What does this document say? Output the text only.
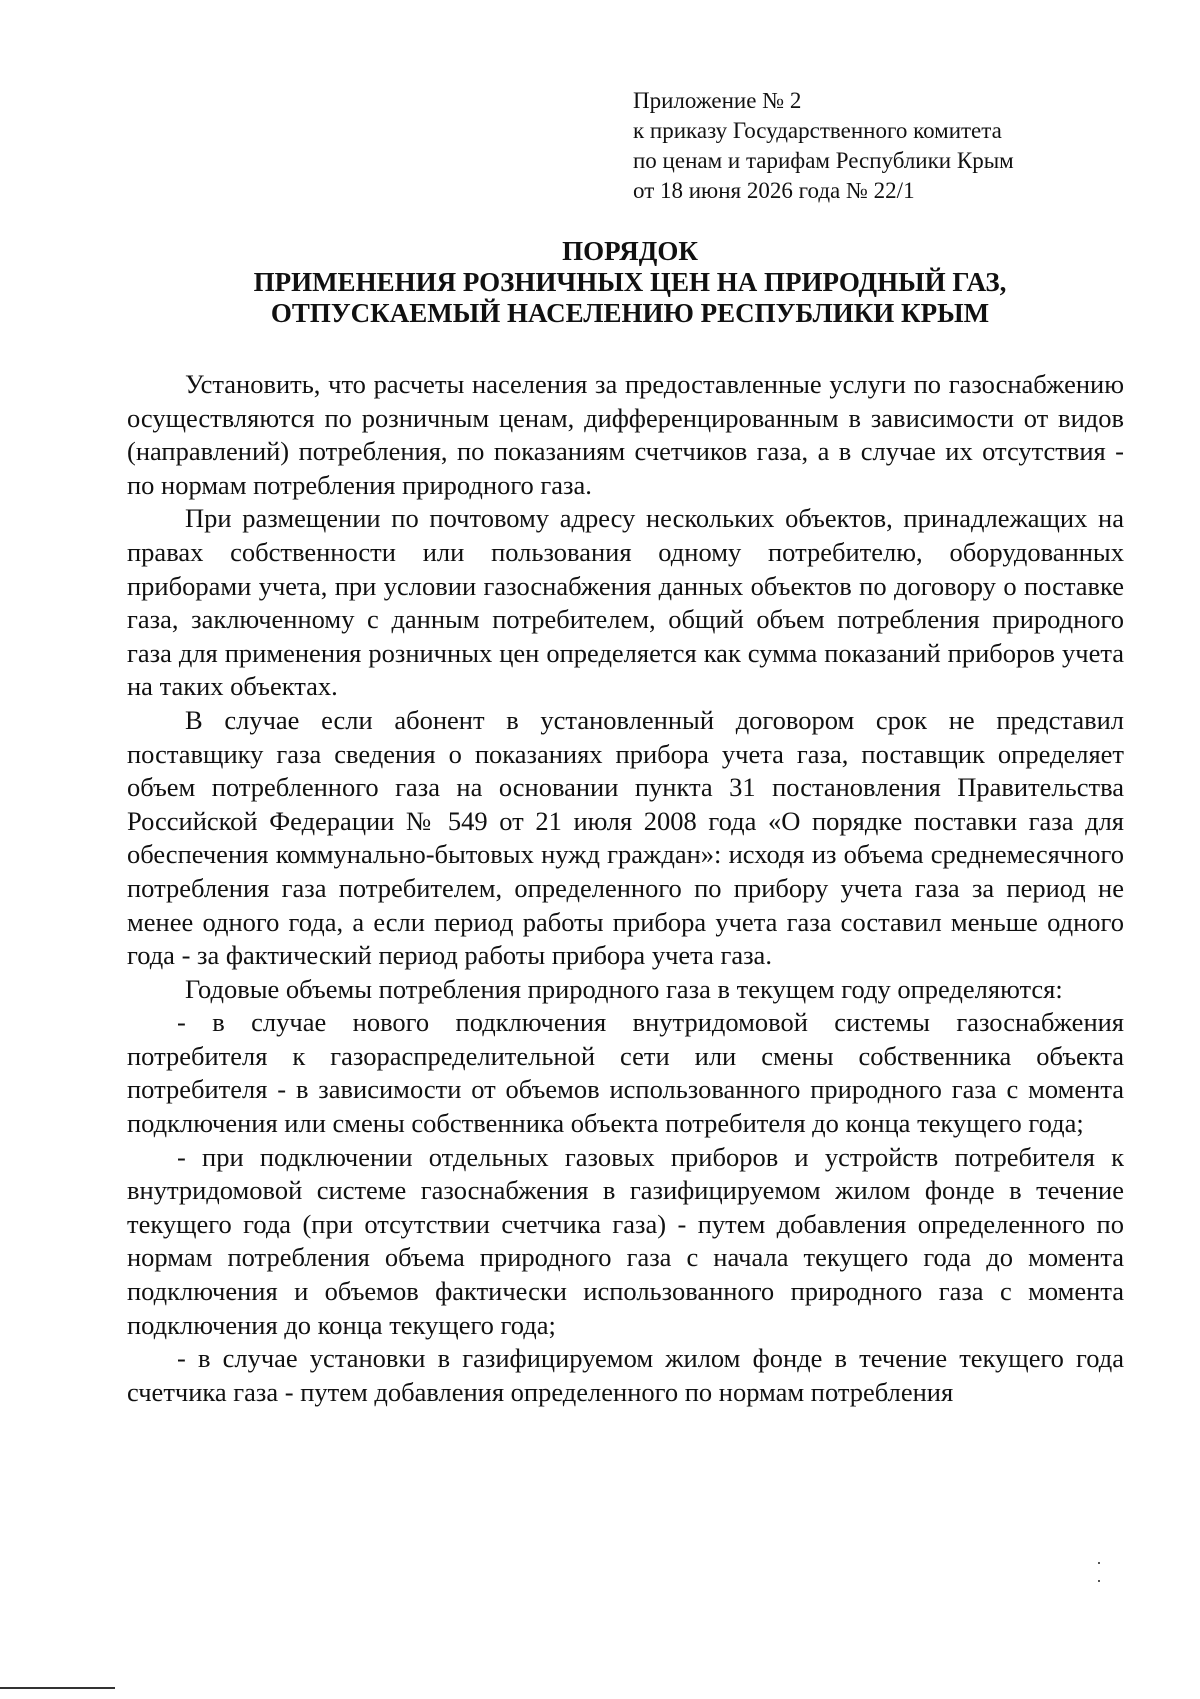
Приложение № 2
к приказу Государственного комитета
по ценам и тарифам Республики Крым
от 18 июня 2026 года № 22/1
ПОРЯДОК
ПРИМЕНЕНИЯ РОЗНИЧНЫХ ЦЕН НА ПРИРОДНЫЙ ГАЗ,
ОТПУСКАЕМЫЙ НАСЕЛЕНИЮ РЕСПУБЛИКИ КРЫМ

Установить, что расчеты населения за предоставленные услуги по газоснабжению осуществляются по розничным ценам, дифференцированным в зависимости от видов (направлений) потребления, по показаниям счетчиков газа, а в случае их отсутствия - по нормам потребления природного газа.

При размещении по почтовому адресу нескольких объектов, принадлежащих на правах собственности или пользования одному потребителю, оборудованных приборами учета, при условии газоснабжения данных объектов по договору о поставке газа, заключенному с данным потребителем, общий объем потребления природного газа для применения розничных цен определяется как сумма показаний приборов учета на таких объектах.

В случае если абонент в установленный договором срок не представил поставщику газа сведения о показаниях прибора учета газа, поставщик определяет объем потребленного газа на основании пункта 31 постановления Правительства Российской Федерации № 549 от 21 июля 2008 года «О порядке поставки газа для обеспечения коммунально-бытовых нужд граждан»: исходя из объема среднемесячного потребления газа потребителем, определенного по прибору учета газа за период не менее одного года, а если период работы прибора учета газа составил меньше одного года - за фактический период работы прибора учета газа.

Годовые объемы потребления природного газа в текущем году определяются:

- в случае нового подключения внутридомовой системы газоснабжения потребителя к газораспределительной сети или смены собственника объекта потребителя - в зависимости от объемов использованного природного газа с момента подключения или смены собственника объекта потребителя до конца текущего года;

- при подключении отдельных газовых приборов и устройств потребителя к внутридомовой системе газоснабжения в газифицируемом жилом фонде в течение текущего года (при отсутствии счетчика газа) - путем добавления определенного по нормам потребления объема природного газа с начала текущего года до момента подключения и объемов фактически использованного природного газа с момента подключения до конца текущего года;

- в случае установки в газифицируемом жилом фонде в течение текущего года счетчика газа - путем добавления определенного по нормам потребления
